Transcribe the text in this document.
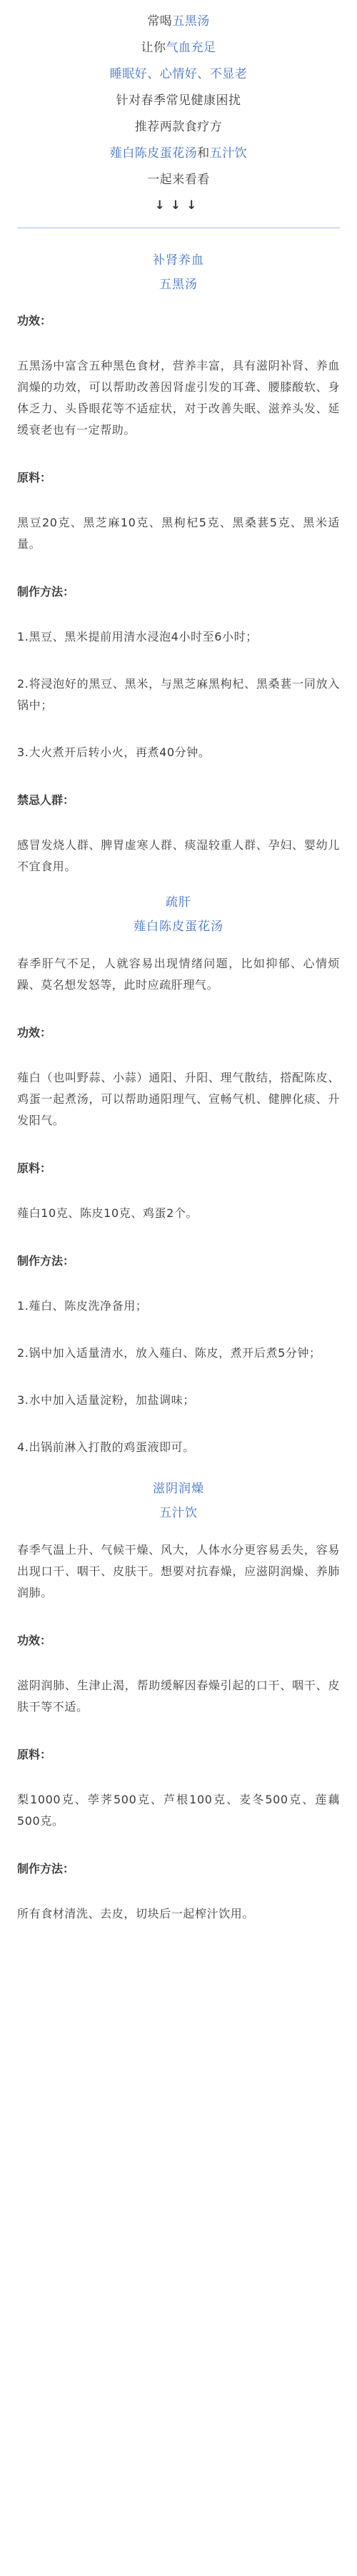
常喝五黑汤
让你气血充足
睡眠好、心情好、不显老
针对春季常见健康困扰
推荐两款食疗方
薤白陈皮蛋花汤和五汁饮
一起来看看
↓↓↓
补肾养血
五黑汤
功效：
五黑汤中富含五种黑色食材，营养丰富，具有滋阴补肾、养血润燥的功效，可以帮助改善因肾虚引发的耳聋、腰膝酸软、身体乏力、头昏眼花等不适症状，对于改善失眠、滋养头发、延缓衰老也有一定帮助。
原料：
黑豆20克、黑芝麻10克、黑枸杞5克、黑桑葚5克、黑米适量。
制作方法：
1.黑豆、黑米提前用清水浸泡4小时至6小时；
2.将浸泡好的黑豆、黑米，与黑芝麻黑枸杞、黑桑葚一同放入锅中；
3.大火煮开后转小火，再煮40分钟。
禁忌人群：
感冒发烧人群、脾胃虚寒人群、痰湿较重人群、孕妇、婴幼儿不宜食用。
疏肝
薤白陈皮蛋花汤
春季肝气不足，人就容易出现情绪问题，比如抑郁、心情烦躁、莫名想发怒等，此时应疏肝理气。
功效：
薤白（也叫野蒜、小蒜）通阳、升阳、理气散结，搭配陈皮、鸡蛋一起煮汤，可以帮助通阳理气、宣畅气机、健脾化痰、升发阳气。
原料：
薤白10克、陈皮10克、鸡蛋2个。
制作方法：
1.薤白、陈皮洗净备用；
2.锅中加入适量清水，放入薤白、陈皮，煮开后煮5分钟；
3.水中加入适量淀粉，加盐调味；
4.出锅前淋入打散的鸡蛋液即可。
滋阴润燥
五汁饮
春季气温上升、气候干燥、风大，人体水分更容易丢失，容易出现口干、咽干、皮肤干。想要对抗春燥，应滋阴润燥、养肺润肺。
功效：
滋阴润肺、生津止渴，帮助缓解因春燥引起的口干、咽干、皮肤干等不适。
原料：
梨1000克、荸荠500克、芦根100克、麦冬500克、莲藕500克。
制作方法：
所有食材清洗、去皮，切块后一起榨汁饮用。
